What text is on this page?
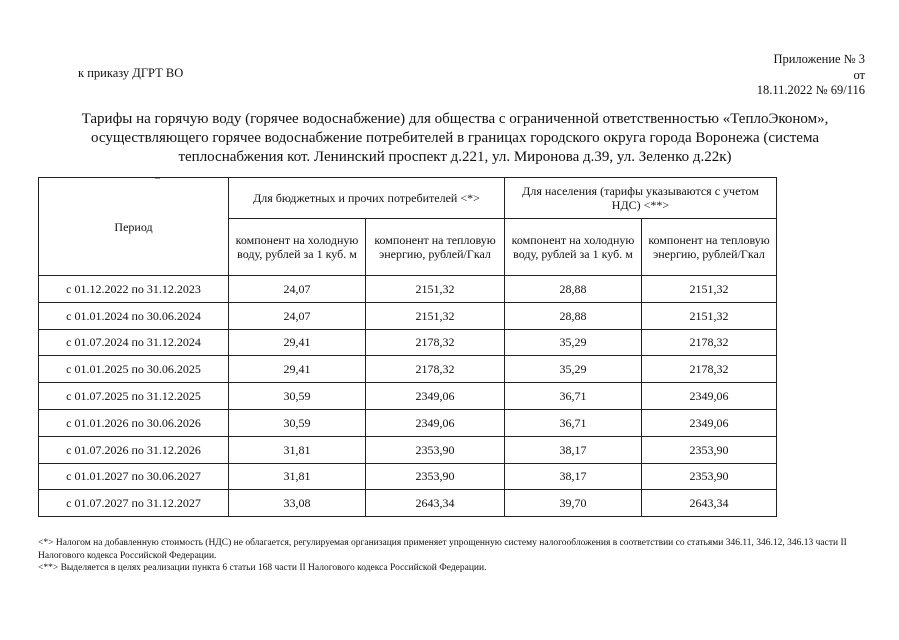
к приказу ДГРТ ВО
Приложение № 3
от
18.11.2022 № 69/116
Тарифы на горячую воду (горячее водоснабжение) для общества с ограниченной ответственностью «ТеплоЭконом», осуществляющего горячее водоснабжение потребителей в границах городского округа города Воронежа (система теплоснабжения кот. Ленинский проспект д.221, ул. Миронова д.39, ул. Зеленко д.22к)
Период	Для бюджетных и прочих потребителей <*>		Для населения (тарифы указываются с учетом НДС) <**>	
	компонент на холодную воду, рублей за 1 куб. м	компонент на тепловую энергию, рублей/Гкал	компонент на холодную воду, рублей за 1 куб. м	компонент на тепловую энергию, рублей/Гкал
с 01.12.2022 по 31.12.2023	24,07	2151,32	28,88	2151,32
с 01.01.2024 по 30.06.2024	24,07	2151,32	28,88	2151,32
с 01.07.2024 по 31.12.2024	29,41	2178,32	35,29	2178,32
с 01.01.2025 по 30.06.2025	29,41	2178,32	35,29	2178,32
с 01.07.2025 по 31.12.2025	30,59	2349,06	36,71	2349,06
с 01.01.2026 по 30.06.2026	30,59	2349,06	36,71	2349,06
с 01.07.2026 по 31.12.2026	31,81	2353,90	38,17	2353,90
с 01.01.2027 по 30.06.2027	31,81	2353,90	38,17	2353,90
с 01.07.2027 по 31.12.2027	33,08	2643,34	39,70	2643,34
<*> Налогом на добавленную стоимость (НДС) не облагается, регулируемая организация применяет упрощенную систему налогообложения в соответствии со статьями 346.11, 346.12, 346.13 части II Налогового кодекса Российской Федерации.
<**> Выделяется в целях реализации пункта 6 статьи 168 части II Налогового кодекса Российской Федерации.
